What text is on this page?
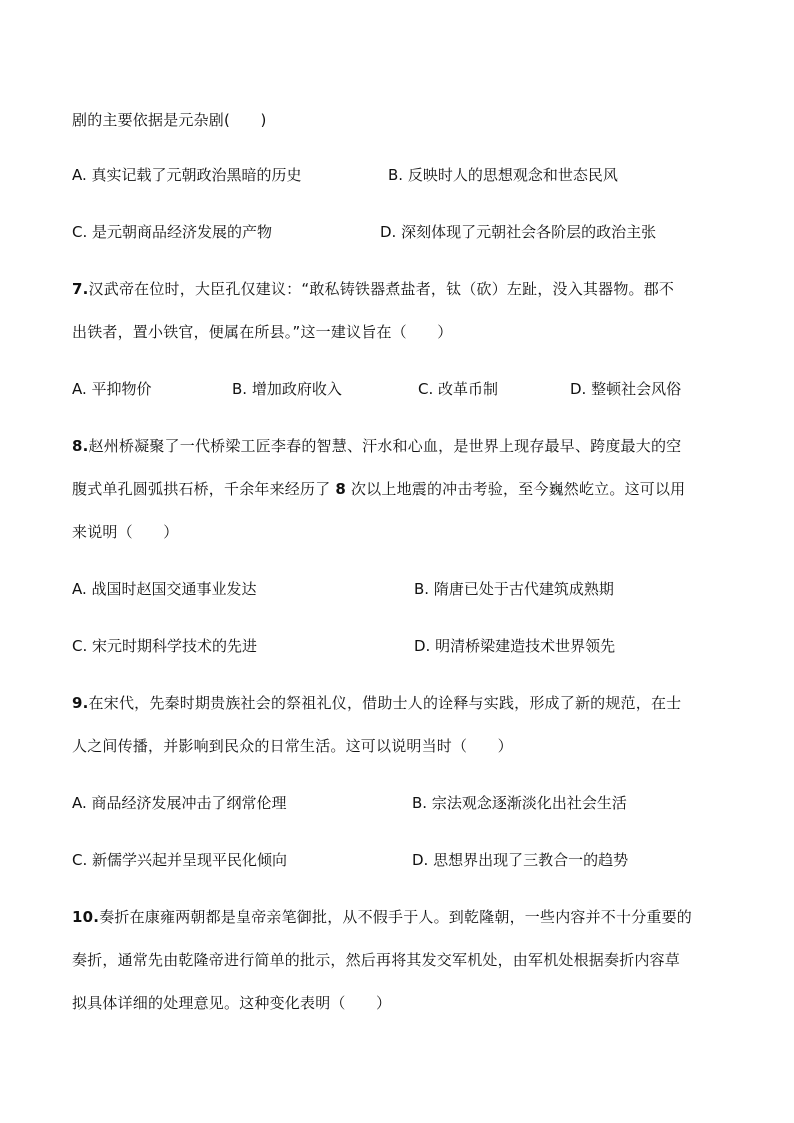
剧的主要依据是元杂剧(　　)
A. 真实记载了元朝政治黑暗的历史	B. 反映时人的思想观念和世态民风
C. 是元朝商品经济发展的产物	D. 深刻体现了元朝社会各阶层的政治主张
7.汉武帝在位时，大臣孔仅建议：“敢私铸铁器煮盐者，钛（砍）左趾，没入其器物。郡不
出铁者，置小铁官，便属在所县。”这一建议旨在（　　）
A. 平抑物价	B. 增加政府收入	C. 改革币制	D. 整顿社会风俗
8.赵州桥凝聚了一代桥梁工匠李春的智慧、汗水和心血，是世界上现存最早、跨度最大的空
腹式单孔圆弧拱石桥，千余年来经历了 8 次以上地震的冲击考验，至今巍然屹立。这可以用
来说明（　　）
A. 战国时赵国交通事业发达	B. 隋唐已处于古代建筑成熟期
C. 宋元时期科学技术的先进	D. 明清桥梁建造技术世界领先
9.在宋代，先秦时期贵族社会的祭祖礼仪，借助士人的诠释与实践，形成了新的规范，在士
人之间传播，并影响到民众的日常生活。这可以说明当时（　　）
A. 商品经济发展冲击了纲常伦理	B. 宗法观念逐渐淡化出社会生活
C. 新儒学兴起并呈现平民化倾向	D. 思想界出现了三教合一的趋势
10.奏折在康雍两朝都是皇帝亲笔御批，从不假手于人。到乾隆朝，一些内容并不十分重要的
奏折，通常先由乾隆帝进行简单的批示，然后再将其发交军机处，由军机处根据奏折内容草
拟具体详细的处理意见。这种变化表明（　　）
